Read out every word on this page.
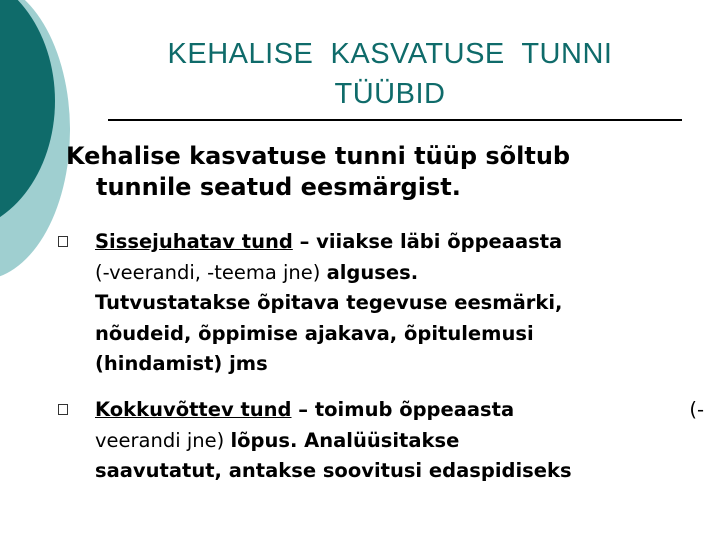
KEHALISE  KASVATUSE  TUNNI
TÜÜBID
Kehalise kasvatuse tunni tüüp sõltub
tunnile seatud eesmärgist.
Sissejuhatav tund – viiakse läbi õppeaasta
(-veerandi, -teema jne) alguses.
Tutvustatakse õpitava tegevuse eesmärki,
nõudeid, õppimise ajakava, õpitulemusi
(hindamist) jms
Kokkuvõttev tund – toimub õppeaasta	(-
veerandi jne) lõpus. Analüüsitakse
saavutatut, antakse soovitusi edaspidiseks
